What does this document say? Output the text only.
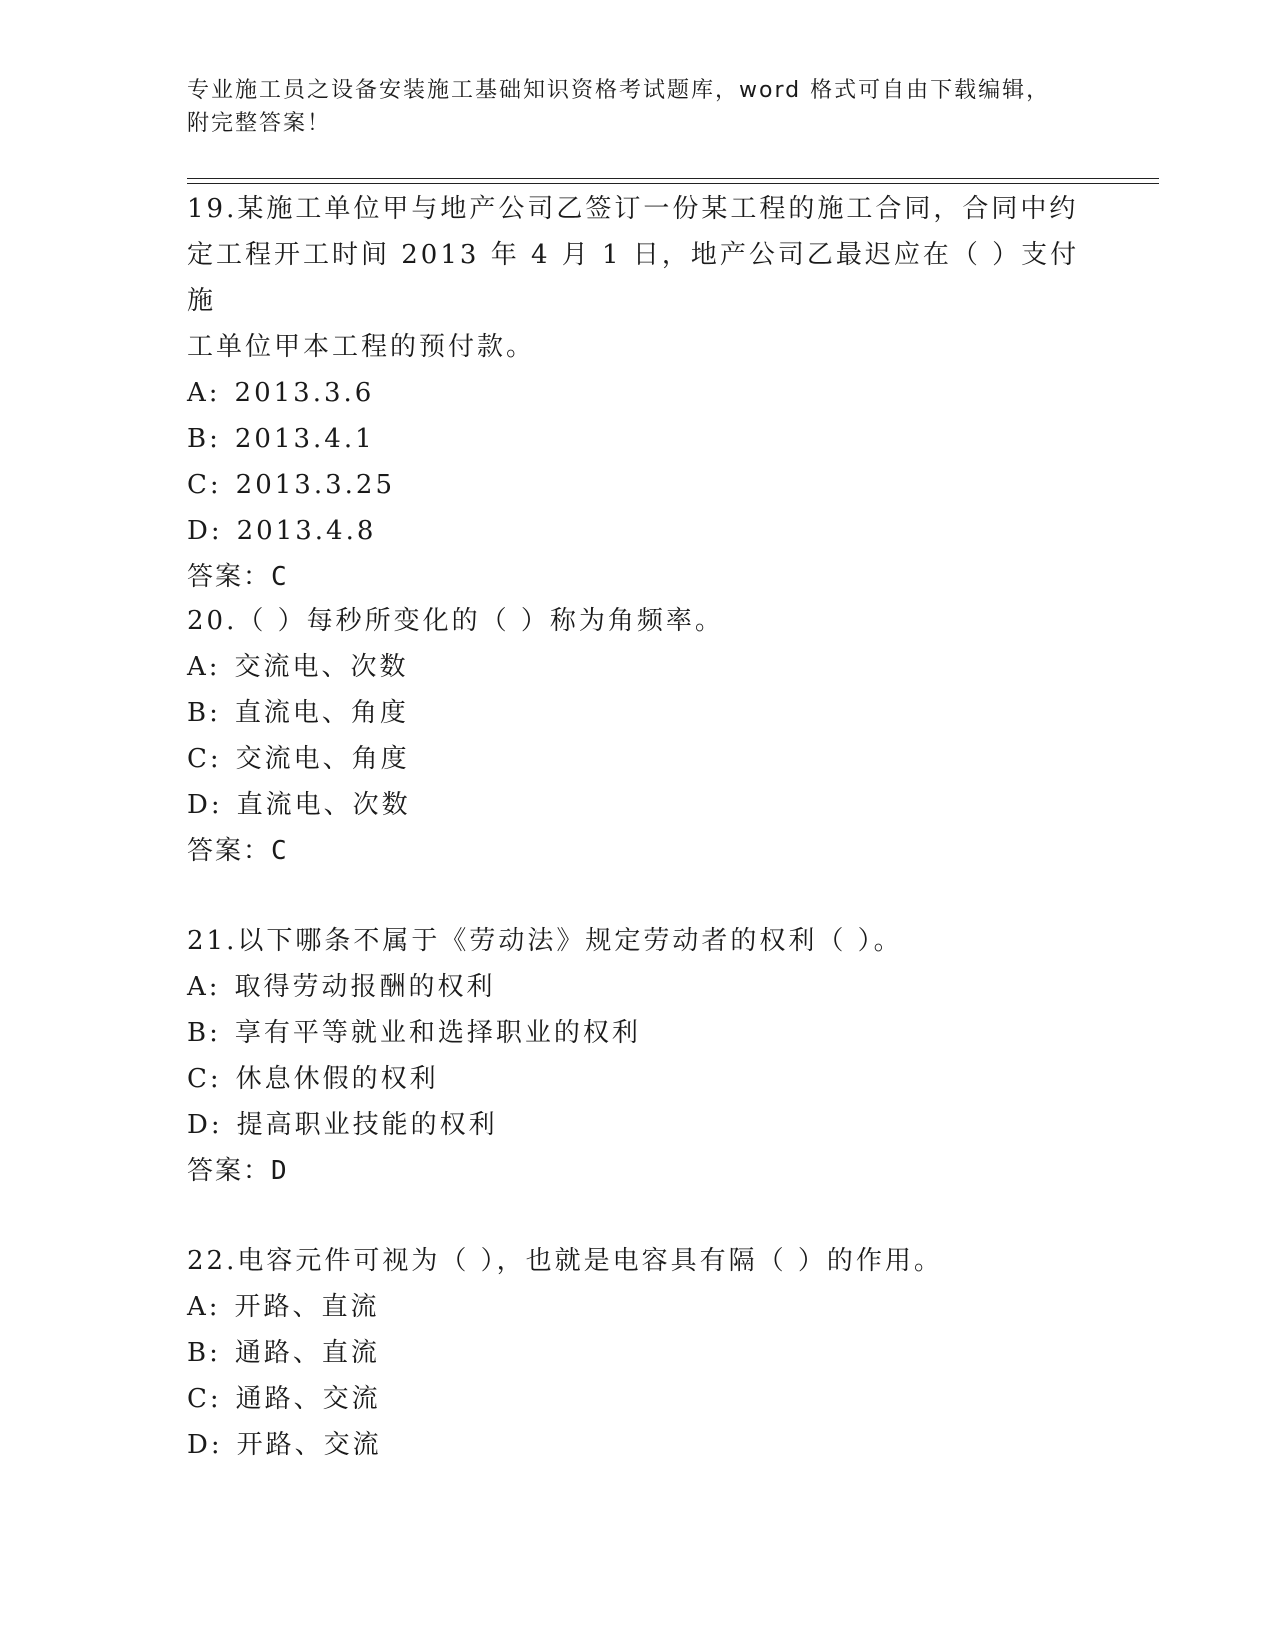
专业施工员之设备安装施工基础知识资格考试题库，word 格式可自由下载编辑，
附完整答案！
19.某施工单位甲与地产公司乙签订一份某工程的施工合同，合同中约
定工程开工时间 2013 年 4 月 1 日，地产公司乙最迟应在（ ）支付施
工单位甲本工程的预付款。
A: 2013.3.6
B: 2013.4.1
C: 2013.3.25
D: 2013.4.8
答案：C
20.（ ）每秒所变化的（ ）称为角频率。
A: 交流电、次数
B: 直流电、角度
C: 交流电、角度
D: 直流电、次数
答案：C
21.以下哪条不属于《劳动法》规定劳动者的权利（ ）。
A: 取得劳动报酬的权利
B: 享有平等就业和选择职业的权利
C: 休息休假的权利
D: 提高职业技能的权利
答案：D
22.电容元件可视为（ ），也就是电容具有隔（ ）的作用。
A: 开路、直流
B: 通路、直流
C: 通路、交流
D: 开路、交流
